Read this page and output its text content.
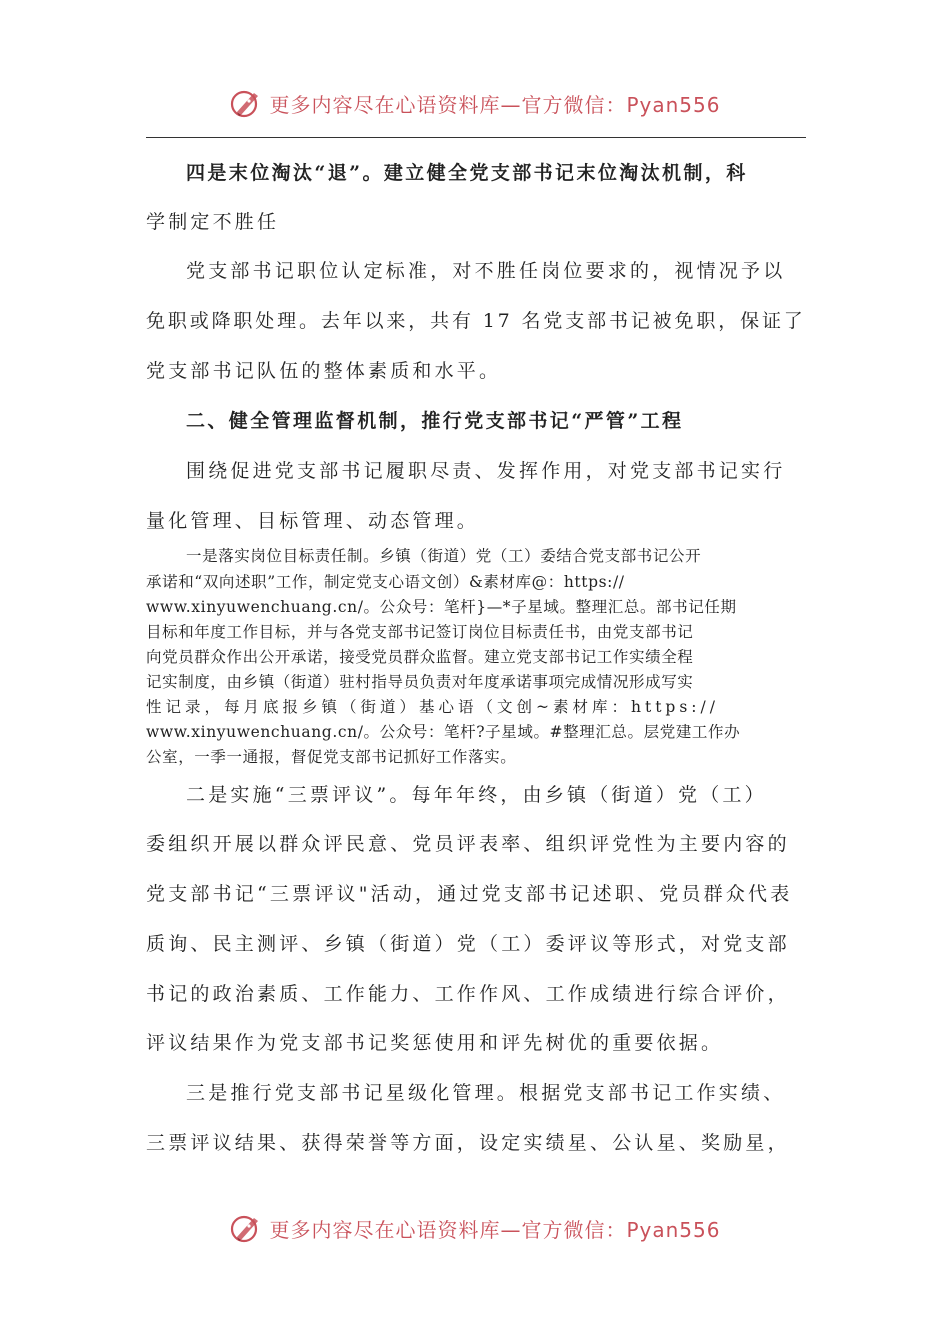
更多内容尽在心语资料库—官方微信：Pyan556

四是末位淘汰“退”。建立健全党支部书记末位淘汰机制，科

学制定不胜任

党支部书记职位认定标准，对不胜任岗位要求的，视情况予以

免职或降职处理。去年以来，共有 17 名党支部书记被免职，保证了

党支部书记队伍的整体素质和水平。

二、健全管理监督机制，推行党支部书记“严管”工程

围绕促进党支部书记履职尽责、发挥作用，对党支部书记实行

量化管理、目标管理、动态管理。

一是落实岗位目标责任制。乡镇（街道）党（工）委结合党支部书记公开

承诺和“双向述职”工作，制定党支心语文创）&素材库@：https://

www.xinyuwenchuang.cn/。公众号：笔杆}—*子星域。整理汇总。部书记任期

目标和年度工作目标，并与各党支部书记签订岗位目标责任书，由党支部书记

向党员群众作出公开承诺，接受党员群众监督。建立党支部书记工作实绩全程

记实制度，由乡镇（街道）驻村指导员负责对年度承诺事项完成情况形成写实

性记录，每月底报乡镇（街道）基心语（文创~素材库：https://

www.xinyuwenchuang.cn/。公众号：笔杆?子星域。#整理汇总。层党建工作办

公室，一季一通报，督促党支部书记抓好工作落实。

二是实施“三票评议”。每年年终，由乡镇（街道）党（工）

委组织开展以群众评民意、党员评表率、组织评党性为主要内容的

党支部书记“三票评议"活动，通过党支部书记述职、党员群众代表

质询、民主测评、乡镇（街道）党（工）委评议等形式，对党支部

书记的政治素质、工作能力、工作作风、工作成绩进行综合评价，

评议结果作为党支部书记奖惩使用和评先树优的重要依据。

三是推行党支部书记星级化管理。根据党支部书记工作实绩、

三票评议结果、获得荣誉等方面，设定实绩星、公认星、奖励星，

更多内容尽在心语资料库—官方微信：Pyan556
